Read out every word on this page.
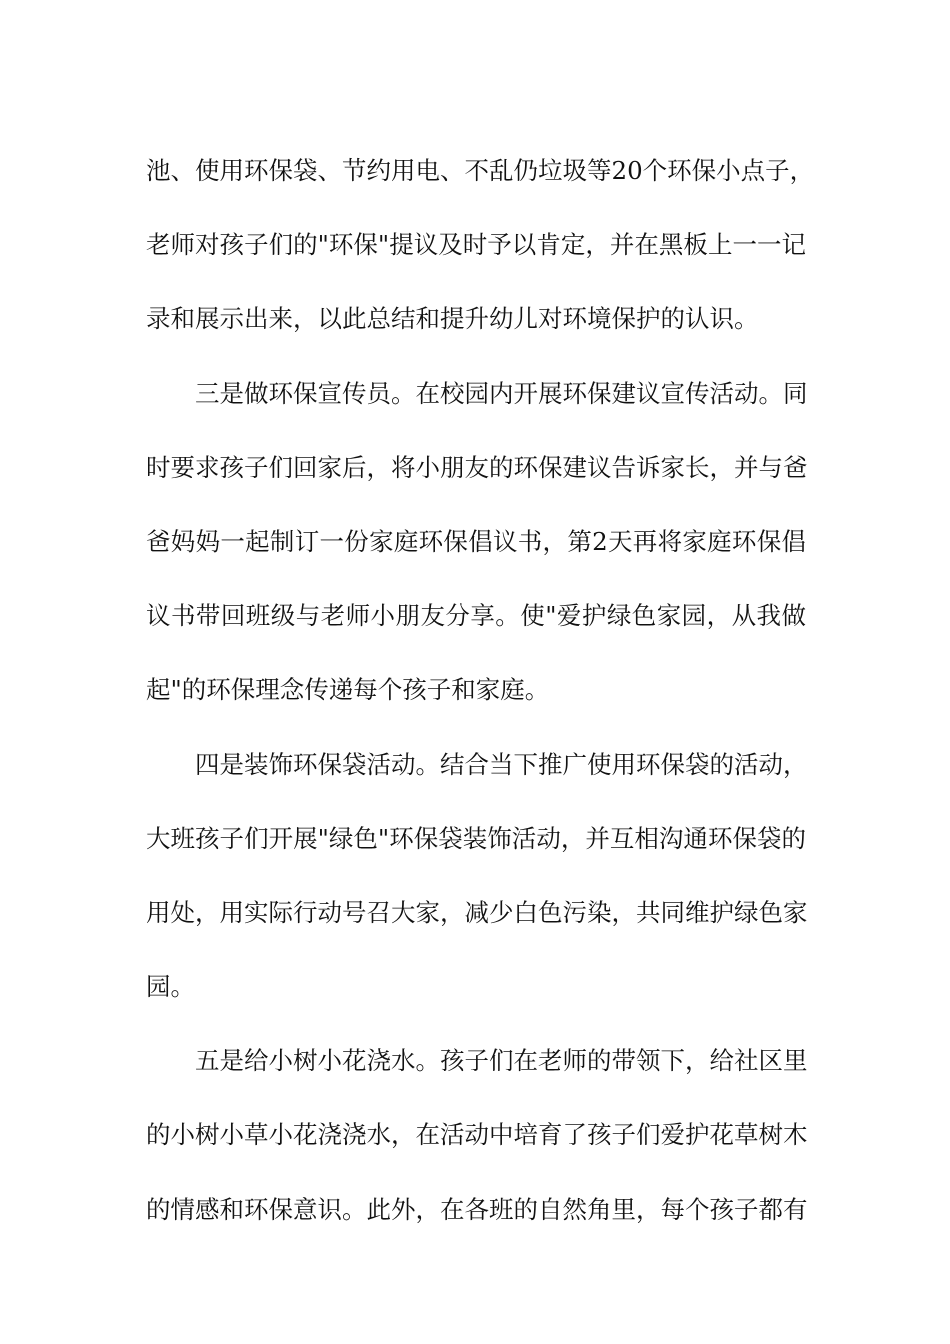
池、使用环保袋、节约用电、不乱仍垃圾等20个环保小点子，
老师对孩子们的"环保"提议及时予以肯定，并在黑板上一一记
录和展示出来，以此总结和提升幼儿对环境保护的认识。
三是做环保宣传员。在校园内开展环保建议宣传活动。同
时要求孩子们回家后，将小朋友的环保建议告诉家长，并与爸
爸妈妈一起制订一份家庭环保倡议书，第2天再将家庭环保倡
议书带回班级与老师小朋友分享。使"爱护绿色家园，从我做
起"的环保理念传递每个孩子和家庭。
四是装饰环保袋活动。结合当下推广使用环保袋的活动，
大班孩子们开展"绿色"环保袋装饰活动，并互相沟通环保袋的
用处，用实际行动号召大家，减少白色污染，共同维护绿色家
园。
五是给小树小花浇水。孩子们在老师的带领下，给社区里
的小树小草小花浇浇水，在活动中培育了孩子们爱护花草树木
的情感和环保意识。此外，在各班的自然角里，每个孩子都有
